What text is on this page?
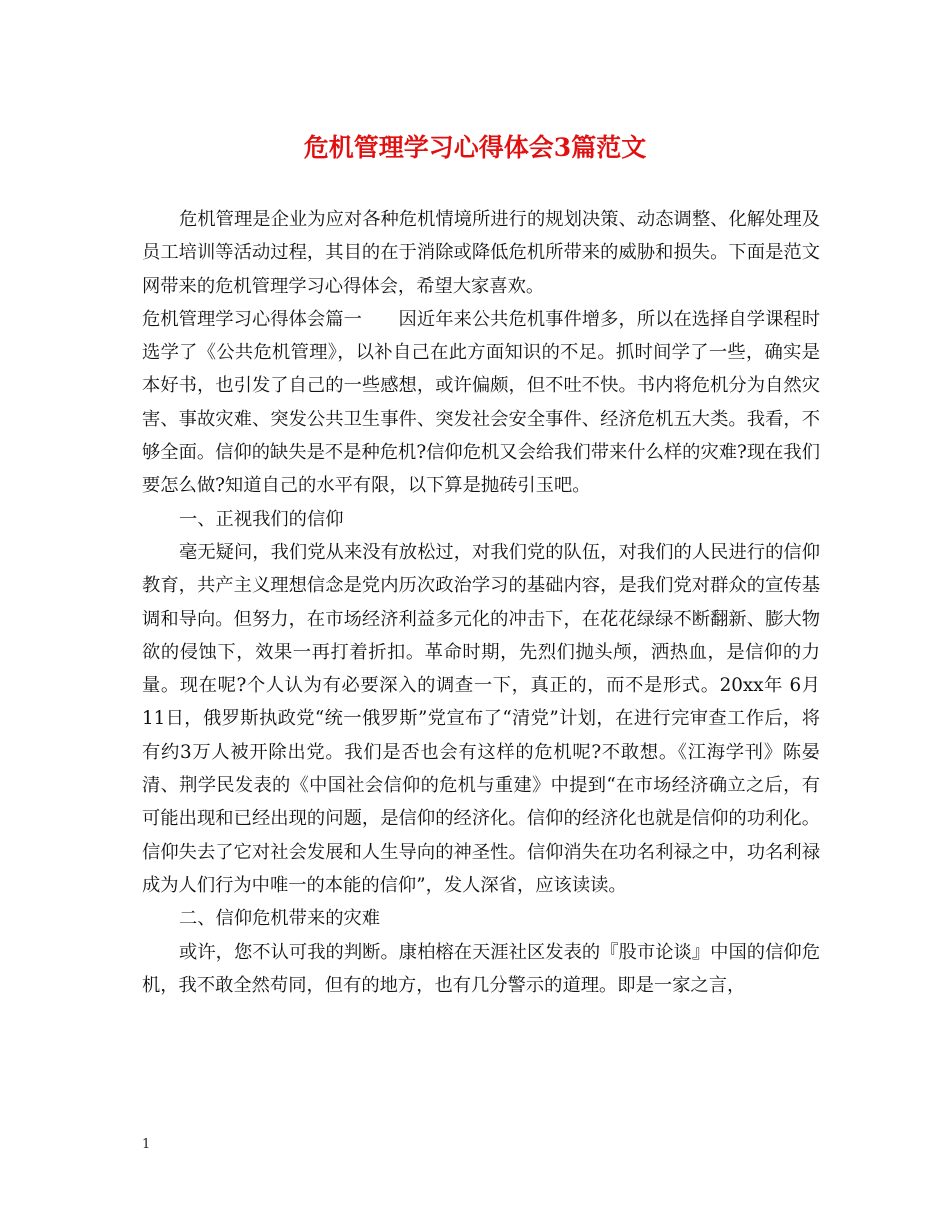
危机管理学习心得体会3篇范文

危机管理是企业为应对各种危机情境所进行的规划决策、动态调整、化解处理及员工培训等活动过程，其目的在于消除或降低危机所带来的威胁和损失。下面是范文网带来的危机管理学习心得体会，希望大家喜欢。

危机管理学习心得体会篇一　　因近年来公共危机事件增多，所以在选择自学课程时选学了《公共危机管理》，以补自己在此方面知识的不足。抓时间学了一些，确实是本好书，也引发了自己的一些感想，或许偏颇，但不吐不快。书内将危机分为自然灾害、事故灾难、突发公共卫生事件、突发社会安全事件、经济危机五大类。我看，不够全面。信仰的缺失是不是种危机?信仰危机又会给我们带来什么样的灾难?现在我们要怎么做?知道自己的水平有限，以下算是抛砖引玉吧。

一、正视我们的信仰

毫无疑问，我们党从来没有放松过，对我们党的队伍，对我们的人民进行的信仰教育，共产主义理想信念是党内历次政治学习的基础内容，是我们党对群众的宣传基调和导向。但努力，在市场经济利益多元化的冲击下，在花花绿绿不断翻新、膨大物欲的侵蚀下，效果一再打着折扣。革命时期，先烈们抛头颅，洒热血，是信仰的力量。现在呢?个人认为有必要深入的调查一下，真正的，而不是形式。20xx年 6月11日，俄罗斯执政党“统一俄罗斯”党宣布了“清党”计划，在进行完审查工作后，将有约3万人被开除出党。我们是否也会有这样的危机呢?不敢想。《江海学刊》陈晏清、荆学民发表的《中国社会信仰的危机与重建》中提到“在市场经济确立之后，有可能出现和已经出现的问题，是信仰的经济化。信仰的经济化也就是信仰的功利化。信仰失去了它对社会发展和人生导向的神圣性。信仰消失在功名利禄之中，功名利禄成为人们行为中唯一的本能的信仰”，发人深省，应该读读。

二、信仰危机带来的灾难

或许，您不认可我的判断。康柏榕在天涯社区发表的『股市论谈』中国的信仰危机，我不敢全然苟同，但有的地方，也有几分警示的道理。即是一家之言，

1
